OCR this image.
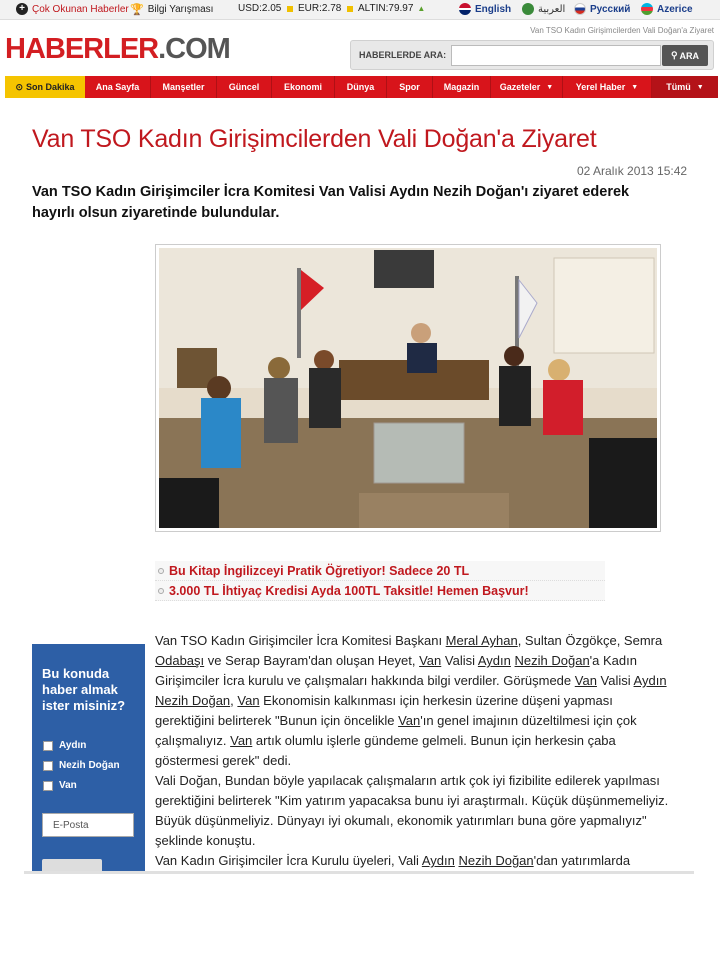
+ Çok Okunan Haberler 🏆 Bilgi Yarışması USD:2.05 EUR:2.78 ALTIN:79.97 ▲	English	العربية Русский	Azerice
HABERLER.COM
Van TSO Kadın Girişimcilerden Vali Doğan'a Ziyaret
HABERLERDE ARA:	⚲ ARA
⊙ Son Dakika Ana Sayfa	Manşetler	Güncel	Ekonomi	Dünya	Spor	Magazin Gazeteler ▼	Yerel Haber ▼	Tümü ▼
Van TSO Kadın Girişimcilerden Vali Doğan'a Ziyaret
02 Aralık 2013 15:42
Van TSO Kadın Girişimciler İcra Komitesi Van Valisi Aydın Nezih Doğan'ı ziyaret ederek hayırlı olsun ziyaretinde bulundular.
Bu Kitap İngilizceyi Pratik Öğretiyor! Sadece 20 TL
3.000 TL İhtiyaç Kredisi Ayda 100TL Taksitle! Hemen Başvur!
Bu konuda haber almak ister misiniz?
Aydın
Nezih Doğan
Van
E-Posta

Van TSO Kadın Girişimciler İcra Komitesi Başkanı Meral Ayhan, Sultan Özgökçe, Semra Odabaşı ve Serap Bayram'dan oluşan Heyet, Van Valisi Aydın Nezih Doğan'a Kadın Girişimciler İcra kurulu ve çalışmaları hakkında bilgi verdiler. Görüşmede Van Valisi Aydın Nezih Doğan, Van Ekonomisin kalkınması için herkesin üzerine düşeni yapması gerektiğini belirterek "Bunun için öncelikle Van'ın genel imajının düzeltilmesi için çok çalışmalıyız. Van artık olumlu işlerle gündeme gelmeli. Bunun için herkesin çaba göstermesi gerek" dedi.

Vali Doğan, Bundan böyle yapılacak çalışmaların artık çok iyi fizibilite edilerek yapılması gerektiğini belirterek "Kim yatırım yapacaksa bunu iyi araştırmalı. Küçük düşünmemeliyiz. Büyük düşünmeliyiz. Dünyayı iyi okumalı, ekonomik yatırımları buna göre yapmalıyız" şeklinde konuştu.

Van Kadın Girişimciler İcra Kurulu üyeleri, Vali Aydın Nezih Doğan'dan yatırımlarda
